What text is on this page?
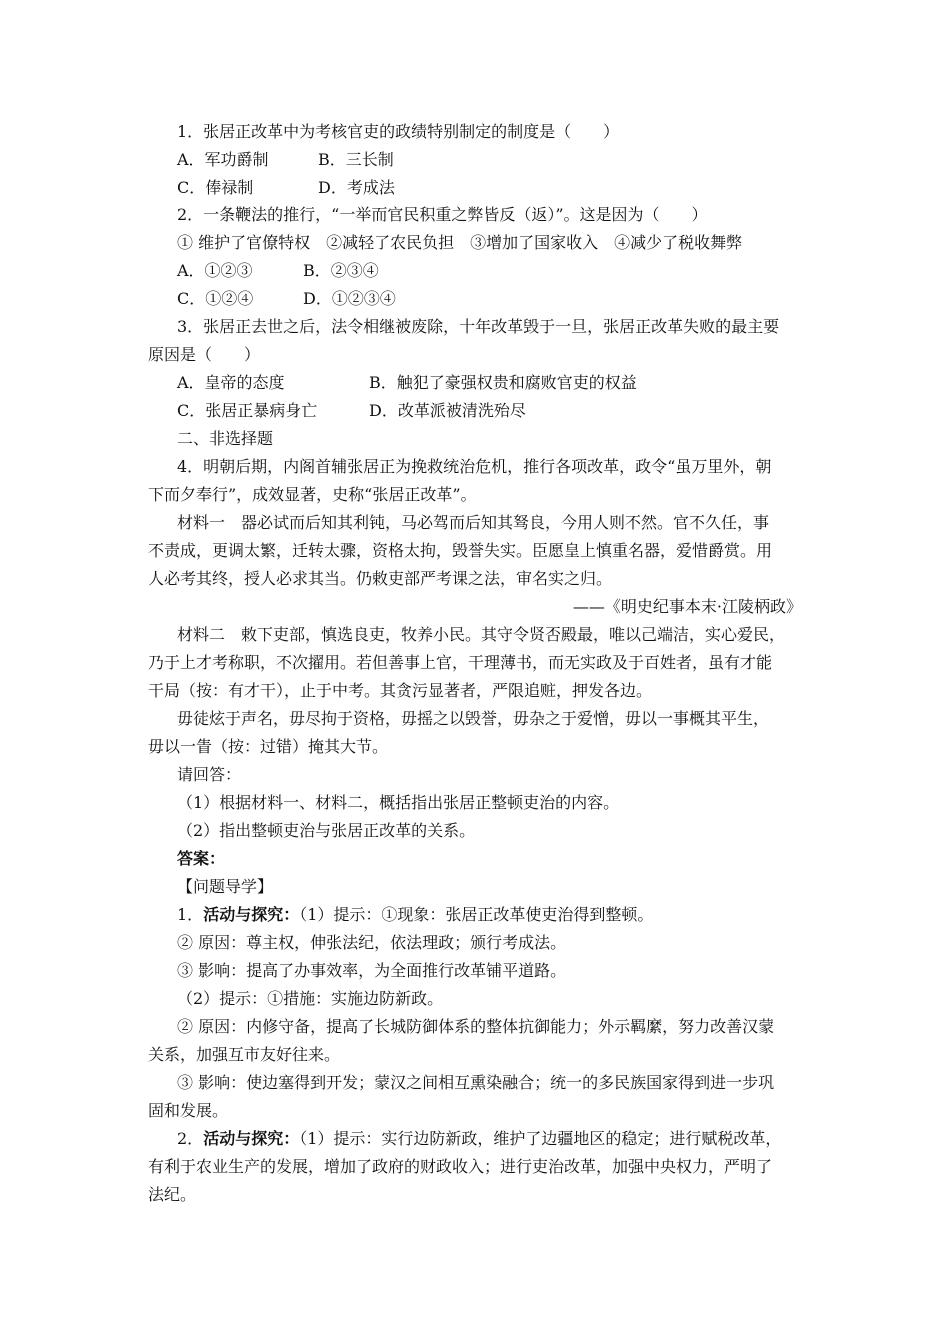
1．张居正改革中为考核官吏的政绩特别制定的制度是（　　）
A．军功爵制	B．三长制
C．俸禄制	D．考成法
2．一条鞭法的推行，“一举而官民积重之弊皆反（返）”。这是因为（　　）
① 维护了官僚特权　②减轻了农民负担　③增加了国家收入　④减少了税收舞弊
A．①②③	B．②③④
C．①②④	D．①②③④
3．张居正去世之后，法令相继被废除，十年改革毁于一旦，张居正改革失败的最主要
原因是（　　）
A．皇帝的态度	B．触犯了豪强权贵和腐败官吏的权益
C．张居正暴病身亡	D．改革派被清洗殆尽
二、非选择题
4．明朝后期，内阁首辅张居正为挽救统治危机，推行各项改革，政令“虽万里外，朝
下而夕奉行”，成效显著，史称“张居正改革”。
材料一　器必试而后知其利钝，马必驾而后知其驽良，今用人则不然。官不久任，事
不责成，更调太繁，迁转太骤，资格太拘，毁誉失实。臣愿皇上慎重名器，爱惜爵赏。用
人必考其终，授人必求其当。仍敕吏部严考课之法，审名实之归。
——《明史纪事本末·江陵柄政》
材料二　敕下吏部，慎选良吏，牧养小民。其守令贤否殿最，唯以己端洁，实心爱民，
乃于上才考称职，不次擢用。若但善事上官，干理薄书，而无实政及于百姓者，虽有才能
干局（按：有才干），止于中考。其贪污显著者，严限追赃，押发各边。
毋徒炫于声名，毋尽拘于资格，毋摇之以毁誉，毋杂之于爱憎，毋以一事概其平生，
毋以一眚（按：过错）掩其大节。
请回答：
（1）根据材料一、材料二，概括指出张居正整顿吏治的内容。
（2）指出整顿吏治与张居正改革的关系。
答案：
【问题导学】
1．活动与探究：（1）提示：①现象：张居正改革使吏治得到整顿。
② 原因：尊主权，伸张法纪，依法理政；颁行考成法。
③ 影响：提高了办事效率，为全面推行改革铺平道路。
（2）提示：①措施：实施边防新政。
② 原因：内修守备，提高了长城防御体系的整体抗御能力；外示羁縻，努力改善汉蒙
关系，加强互市友好往来。
③ 影响：使边塞得到开发；蒙汉之间相互熏染融合；统一的多民族国家得到进一步巩
固和发展。
2．活动与探究：（1）提示：实行边防新政，维护了边疆地区的稳定；进行赋税改革，
有利于农业生产的发展，增加了政府的财政收入；进行吏治改革，加强中央权力，严明了
法纪。
